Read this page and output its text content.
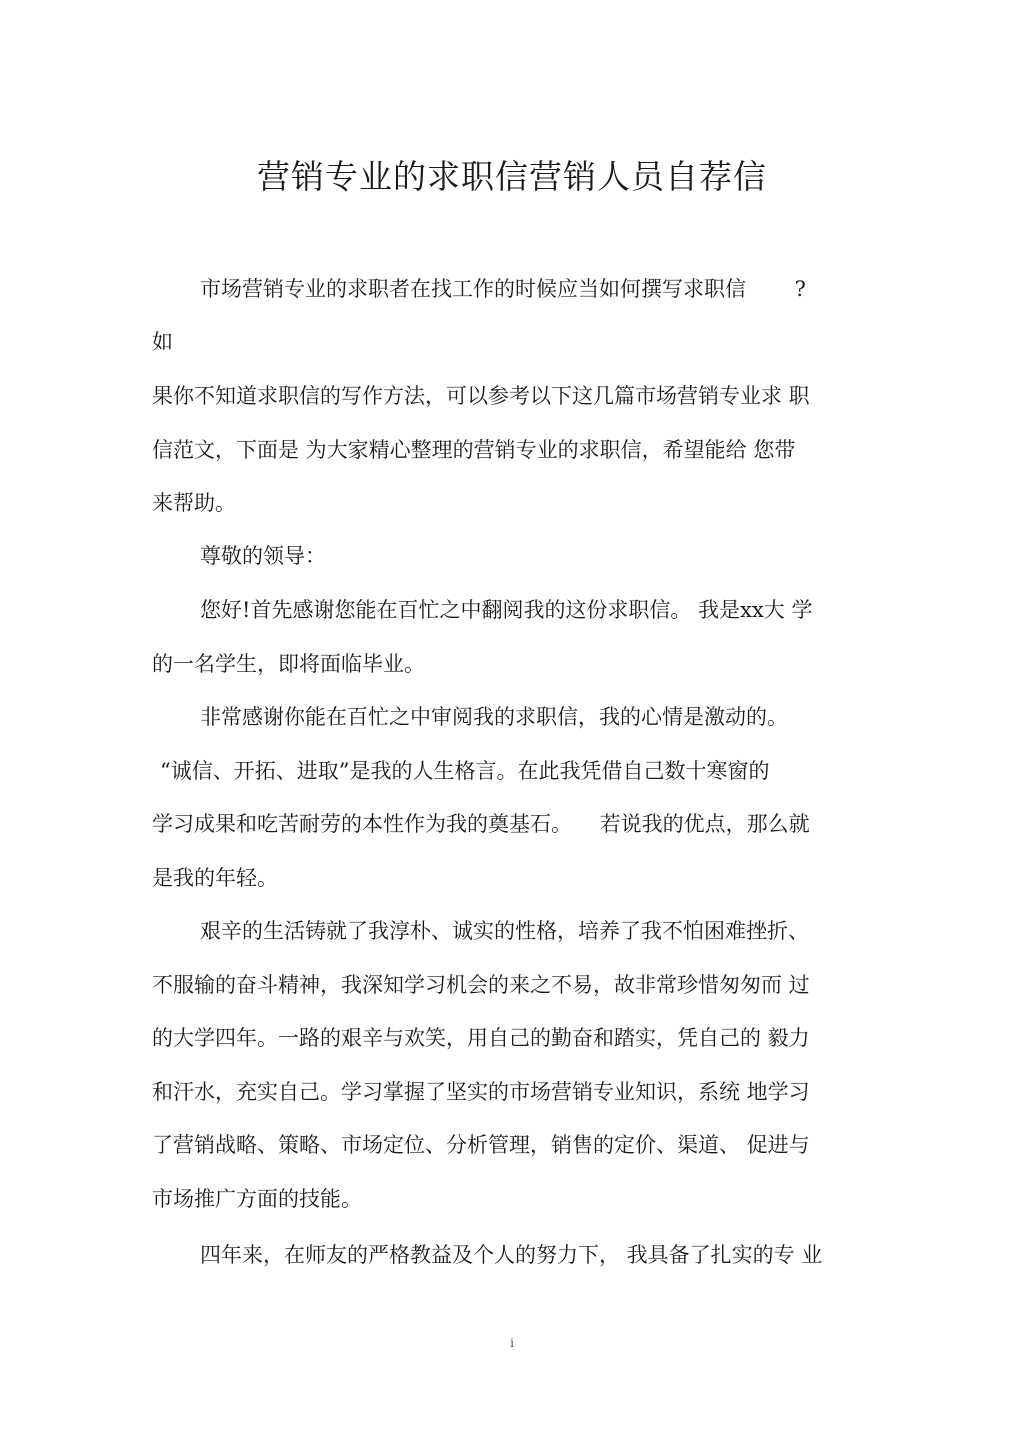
营销专业的求职信营销人员自荐信
市场营销专业的求职者在找工作的时候应当如何撰写求职信 　　?
如
果你不知道求职信的写作方法，可以参考以下这几篇市场营销专业求 职
信范文，下面是 为大家精心整理的营销专业的求职信，希望能给 您带
来帮助。
尊敬的领导：
您好!首先感谢您能在百忙之中翻阅我的这份求职信。 我是xx大 学
的一名学生，即将面临毕业。
非常感谢你能在百忙之中审阅我的求职信，我的心情是激动的。
“诚信、开拓、进取”是我的人生格言。在此我凭借自己数十寒窗的
学习成果和吃苦耐劳的本性作为我的奠基石。 　若说我的优点，那么就
是我的年轻。
艰辛的生活铸就了我淳朴、诚实的性格，培养了我不怕困难挫折、
不服输的奋斗精神，我深知学习机会的来之不易，故非常珍惜匆匆而 过
的大学四年。一路的艰辛与欢笑，用自己的勤奋和踏实，凭自己的 毅力
和汗水，充实自己。学习掌握了坚实的市场营销专业知识，系统 地学习
了营销战略、策略、市场定位、分析管理，销售的定价、渠道、 促进与
市场推广方面的技能。
四年来，在师友的严格教益及个人的努力下， 我具备了扎实的专 业
i
